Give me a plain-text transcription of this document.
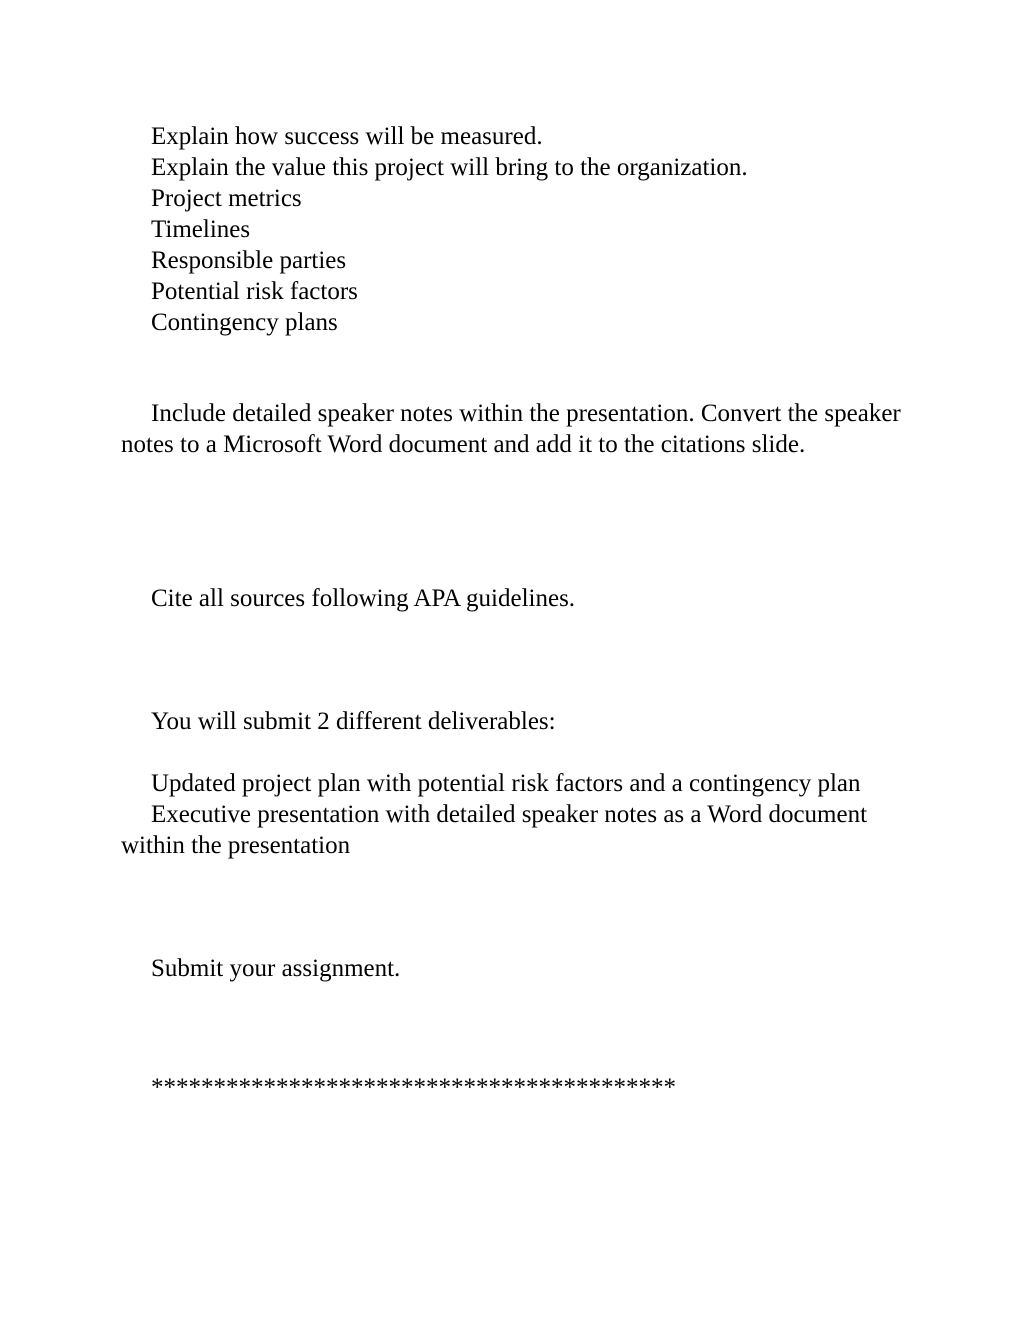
Explain how success will be measured.
Explain the value this project will bring to the organization.
Project metrics
Timelines
Responsible parties
Potential risk factors
Contingency plans

Include detailed speaker notes within the presentation. Convert the speaker notes to a Microsoft Word document and add it to the citations slide.

Cite all sources following APA guidelines.

You will submit 2 different deliverables:

Updated project plan with potential risk factors and a contingency plan
Executive presentation with detailed speaker notes as a Word document within the presentation

Submit your assignment.

******************************************
